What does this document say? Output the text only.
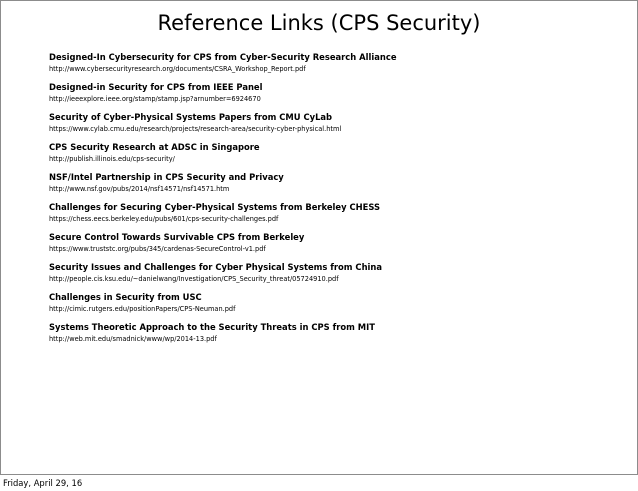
Reference Links (CPS Security)
Designed-In Cybersecurity for CPS from Cyber-Security Research Alliance
http://www.cybersecurityresearch.org/documents/CSRA_Workshop_Report.pdf
Designed-in Security for CPS from IEEE Panel
http://ieeexplore.ieee.org/stamp/stamp.jsp?arnumber=6924670
Security of Cyber-Physical Systems Papers from CMU CyLab
https://www.cylab.cmu.edu/research/projects/research-area/security-cyber-physical.html
CPS Security Research at ADSC in Singapore
http://publish.illinois.edu/cps-security/
NSF/Intel Partnership in CPS Security and Privacy
http://www.nsf.gov/pubs/2014/nsf14571/nsf14571.htm
Challenges for Securing Cyber-Physical Systems from Berkeley CHESS
https://chess.eecs.berkeley.edu/pubs/601/cps-security-challenges.pdf
Secure Control Towards Survivable CPS from Berkeley
https://www.truststc.org/pubs/345/cardenas-SecureControl-v1.pdf
Security Issues and Challenges for Cyber Physical Systems from China
http://people.cis.ksu.edu/~danielwang/Investigation/CPS_Security_threat/05724910.pdf
Challenges in Security from USC
http://cimic.rutgers.edu/positionPapers/CPS-Neuman.pdf
Systems Theoretic Approach to the Security Threats in CPS from MIT
http://web.mit.edu/smadnick/www/wp/2014-13.pdf
Friday, April 29, 16
